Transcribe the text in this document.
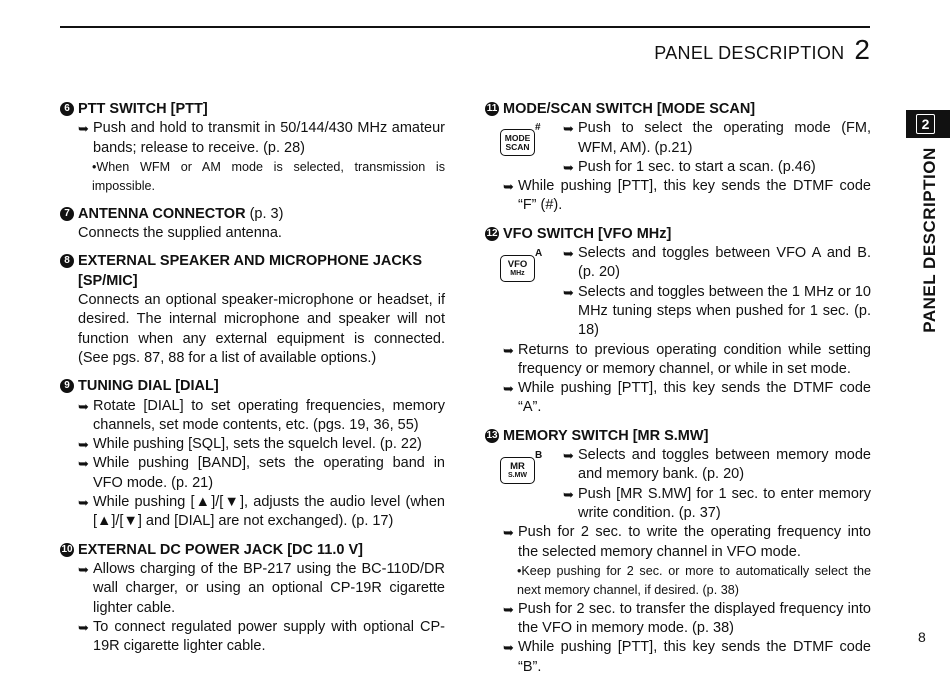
PANEL DESCRIPTION 2
2
PANEL DESCRIPTION
6 PTT SWITCH [PTT]
➥ Push and hold to transmit in 50/144/430 MHz amateur bands; release to receive. (p. 28)
•When WFM or AM mode is selected, transmission is impossible.
7 ANTENNA CONNECTOR (p. 3)
Connects the supplied antenna.
8 EXTERNAL SPEAKER AND MICROPHONE JACKS [SP/MIC]
Connects an optional speaker-microphone or headset, if desired. The internal microphone and speaker will not function when any external equipment is connected. (See pgs. 87, 88 for a list of available options.)
9 TUNING DIAL [DIAL]
➥ Rotate [DIAL] to set operating frequencies, memory channels, set mode contents, etc. (pgs. 19, 36, 55)
➥ While pushing [SQL], sets the squelch level. (p. 22)
➥ While pushing [BAND], sets the operating band in VFO mode. (p. 21)
➥ While pushing [▲]/[▼], adjusts the audio level (when [▲]/[▼] and [DIAL] are not exchanged). (p. 17)
10 EXTERNAL DC POWER JACK [DC 11.0 V]
➥ Allows charging of the BP-217 using the BC-110D/DR wall charger, or using an optional CP-19R cigarette lighter cable.
➥ To connect regulated power supply with optional CP-19R cigarette lighter cable.
11 MODE/SCAN SWITCH [MODE SCAN]
#
MODE
SCAN
➥ Push to select the operating mode (FM, WFM, AM). (p.21)
➥ Push for 1 sec. to start a scan. (p.46)
➥ While pushing [PTT], this key sends the DTMF code “F” (#).
12 VFO SWITCH [VFO MHz]
A
VFO
MHz
➥ Selects and toggles between VFO A and B. (p. 20)
➥ Selects and toggles between the 1 MHz or 10 MHz tuning steps when pushed for 1 sec. (p. 18)
➥ Returns to previous operating condition while setting frequency or memory channel, or while in set mode.
➥ While pushing [PTT], this key sends the DTMF code “A”.
13 MEMORY SWITCH [MR S.MW]
B
MR
S.MW
➥ Selects and toggles between memory mode and memory bank. (p. 20)
➥ Push [MR S.MW] for 1 sec. to enter memory write condition. (p. 37)
➥ Push for 2 sec. to write the operating frequency into the selected memory channel in VFO mode.
•Keep pushing for 2 sec. or more to automatically select the next memory channel, if desired. (p. 38)
➥ Push for 2 sec. to transfer the displayed frequency into the VFO in memory mode. (p. 38)
➥ While pushing [PTT], this key sends the DTMF code “B”.
8
